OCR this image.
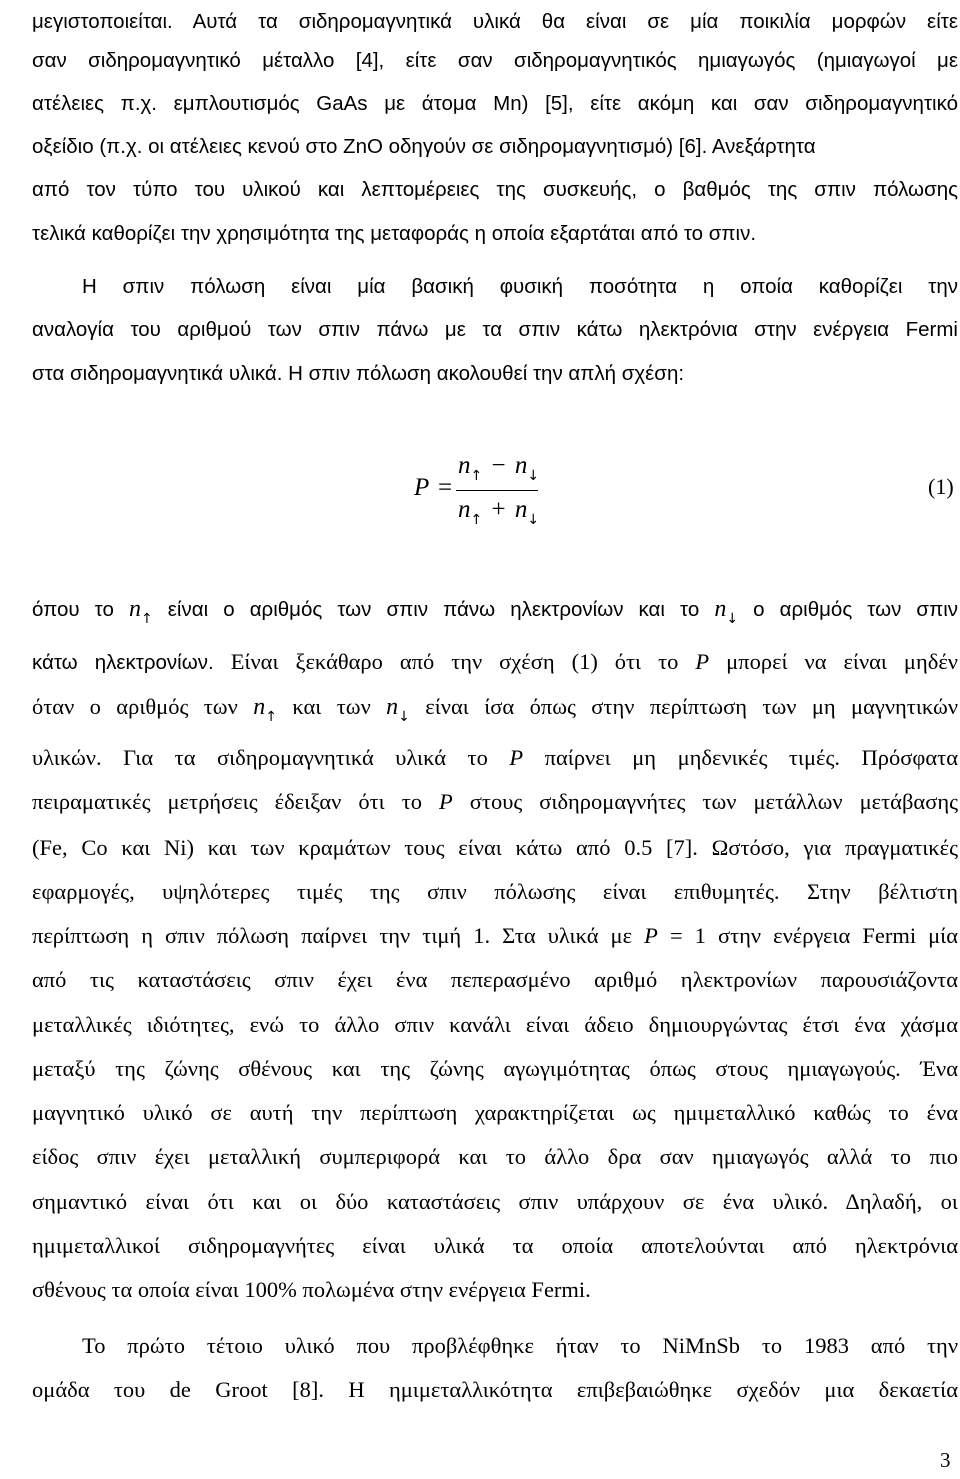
μεγιστοποιείται. Αυτά τα σιδηρομαγνητικά υλικά θα είναι σε μία ποικιλία μορφών είτε
σαν σιδηρομαγνητικό μέταλλο [4], είτε σαν σιδηρομαγνητικός ημιαγωγός (ημιαγωγοί με
ατέλειες π.χ. εμπλουτισμός GaAs με άτομα Mn) [5], είτε ακόμη και σαν σιδηρομαγνητικό
οξείδιο (π.χ. οι ατέλειες κενού στο ZnO οδηγούν σε σιδηρομαγνητισμό) [6]. Ανεξάρτητα
από τον τύπο του υλικού και λεπτομέρειες της συσκευής, ο βαθμός της σπιν πόλωσης
τελικά καθορίζει την χρησιμότητα της μεταφοράς η οποία εξαρτάται από το σπιν.
Η σπιν πόλωση είναι μία βασική φυσική ποσότητα η οποία καθορίζει την
αναλογία του αριθμού των σπιν πάνω με τα σπιν κάτω ηλεκτρόνια στην ενέργεια Fermi
στα σιδηρομαγνητικά υλικά. Η σπιν πόλωση ακολουθεί την απλή σχέση:
P =
$n_↑ - n_↓$
$n_↑ + n_↓$
(1)
όπου το $n_↑$ είναι ο αριθμός των σπιν πάνω ηλεκτρονίων και το $n_↓$ ο αριθμός των σπιν
κάτω ηλεκτρονίων. Είναι ξεκάθαρο από την σχέση (1) ότι το P μπορεί να είναι μηδέν
όταν ο αριθμός των $n_↑$ και των $n_↓$ είναι ίσα όπως στην περίπτωση των μη μαγνητικών
υλικών. Για τα σιδηρομαγνητικά υλικά το P παίρνει μη μηδενικές τιμές. Πρόσφατα
πειραματικές μετρήσεις έδειξαν ότι το P στους σιδηρομαγνήτες των μετάλλων μετάβασης
(Fe, Co και Ni) και των κραμάτων τους είναι κάτω από 0.5 [7]. Ωστόσο, για πραγματικές
εφαρμογές, υψηλότερες τιμές της σπιν πόλωσης είναι επιθυμητές. Στην βέλτιστη
περίπτωση η σπιν πόλωση παίρνει την τιμή 1. Στα υλικά με P = 1 στην ενέργεια Fermi μία
από τις καταστάσεις σπιν έχει ένα πεπερασμένο αριθμό ηλεκτρονίων παρουσιάζοντα
μεταλλικές ιδιότητες, ενώ το άλλο σπιν κανάλι είναι άδειο δημιουργώντας έτσι ένα χάσμα
μεταξύ της ζώνης σθένους και της ζώνης αγωγιμότητας όπως στους ημιαγωγούς. Ένα
μαγνητικό υλικό σε αυτή την περίπτωση χαρακτηρίζεται ως ημιμεταλλικό καθώς το ένα
είδος σπιν έχει μεταλλική συμπεριφορά και το άλλο δρα σαν ημιαγωγός αλλά το πιο
σημαντικό είναι ότι και οι δύο καταστάσεις σπιν υπάρχουν σε ένα υλικό. Δηλαδή, οι
ημιμεταλλικοί σιδηρομαγνήτες είναι υλικά τα οποία αποτελούνται από ηλεκτρόνια
σθένους τα οποία είναι 100% πολωμένα στην ενέργεια Fermi.
Το πρώτο τέτοιο υλικό που προβλέφθηκε ήταν το NiMnSb το 1983 από την
ομάδα του de Groot [8]. Η ημιμεταλλικότητα επιβεβαιώθηκε σχεδόν μια δεκαετία
3
